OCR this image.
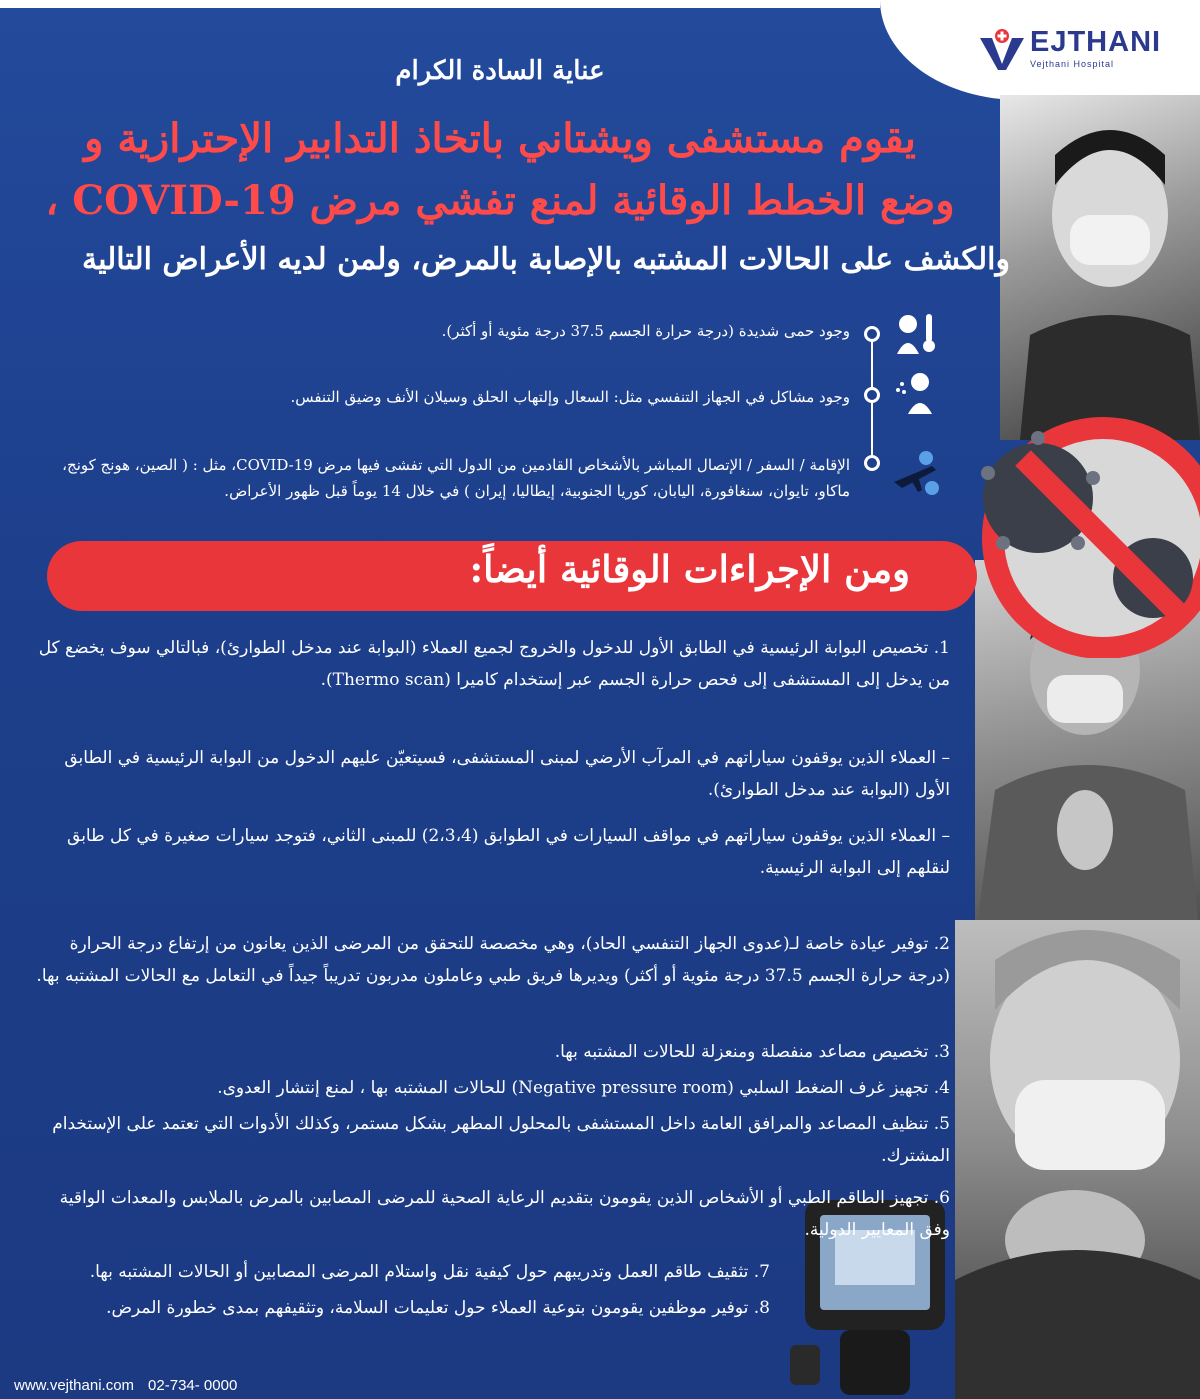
EJTHANI
Vejthani Hospital
عناية السادة الكرام
يقوم مستشفى ويشتاني باتخاذ التدابير الإحترازية و
وضع الخطط الوقائية لمنع تفشي مرض COVID-19 ،
والكشف على الحالات المشتبه بالإصابة بالمرض، ولمن لديه الأعراض التالية
وجود حمى شديدة (درجة حرارة الجسم 37.5 درجة مئوية أو أكثر).
وجود مشاكل في الجهاز التنفسي مثل: السعال وإلتهاب الحلق وسيلان الأنف وضيق التنفس.
الإقامة / السفر / الإتصال المباشر بالأشخاص القادمين من الدول التي تفشى فيها مرض COVID-19، مثل : ( الصين، هونج كونج، ماكاو، تايوان، سنغافورة، اليابان، كوريا الجنوبية، إيطاليا، إيران ) في خلال 14 يوماً قبل ظهور الأعراض.
ومن الإجراءات الوقائية أيضاً:
1. تخصيص البوابة الرئيسية في الطابق الأول للدخول والخروج لجميع العملاء (البوابة عند مدخل الطوارئ)، فبالتالي سوف يخضع كل من يدخل إلى المستشفى إلى فحص حرارة الجسم عبر إستخدام كاميرا (Thermo scan).
– العملاء الذين يوقفون سياراتهم في المرآب الأرضي لمبنى المستشفى، فسيتعيّن عليهم الدخول من البوابة الرئيسية في الطابق الأول (البوابة عند مدخل الطوارئ).
– العملاء الذين يوقفون سياراتهم في مواقف السيارات في الطوابق (2،3،4) للمبنى الثاني، فتوجد سيارات صغيرة في كل طابق لنقلهم إلى البوابة الرئيسية.
2. توفير عيادة خاصة لـ(عدوى الجهاز التنفسي الحاد)، وهي مخصصة للتحقق من المرضى الذين يعانون من إرتفاع درجة الحرارة (درجة حرارة الجسم 37.5 درجة مئوية أو أكثر) ويديرها فريق طبي وعاملون مدربون تدريباً جيداً في التعامل مع الحالات المشتبه بها.
3. تخصيص مصاعد منفصلة ومنعزلة للحالات المشتبه بها.
4. تجهيز غرف الضغط السلبي (Negative pressure room) للحالات المشتبه بها ، لمنع إنتشار العدوى.
5. تنظيف المصاعد والمرافق العامة داخل المستشفى بالمحلول المطهر بشكل مستمر، وكذلك الأدوات التي تعتمد على الإستخدام المشترك.
6. تجهيز الطاقم الطبي أو الأشخاص الذين يقومون بتقديم الرعاية الصحية للمرضى المصابين بالمرض بالملابس والمعدات الواقية وفق المعايير الدولية.
7. تثقيف طاقم العمل وتدريبهم حول كيفية نقل واستلام المرضى المصابين أو الحالات المشتبه بها.
8. توفير موظفين يقومون بتوعية العملاء حول تعليمات السلامة، وتثقيفهم بمدى خطورة المرض.
www.vejthani.com 02-734- 0000
